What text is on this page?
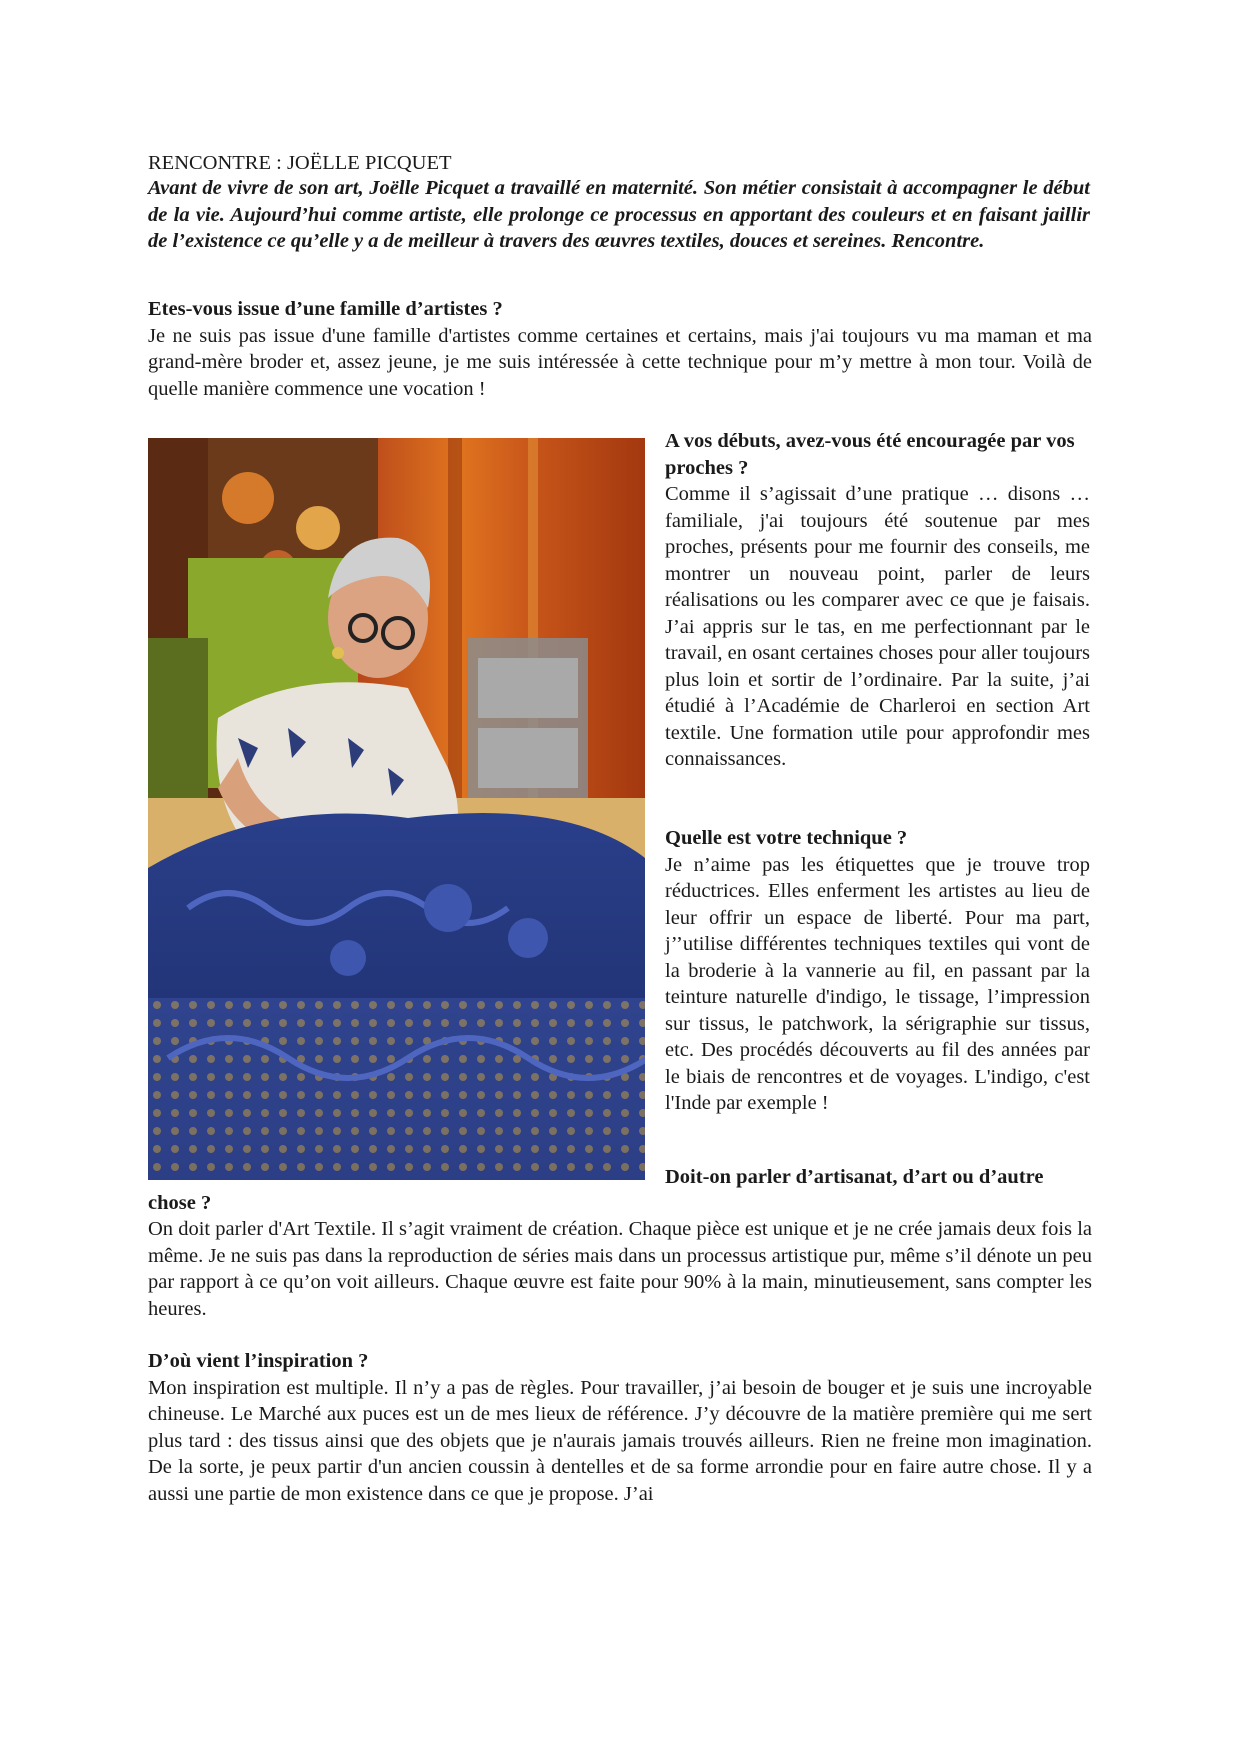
RENCONTRE : JOËLLE PICQUET

Avant de vivre de son art, Joëlle Picquet a travaillé en maternité. Son métier consistait à accompagner le début de la vie. Aujourd’hui comme artiste, elle prolonge ce processus en apportant des couleurs et en faisant jaillir de l’existence ce qu’elle y a de meilleur à travers des œuvres textiles, douces et sereines. Rencontre.

Etes-vous issue d’une famille d’artistes ?
Je ne suis pas issue d'une famille d'artistes comme certaines et certains, mais j'ai toujours vu ma maman et ma grand-mère broder et, assez jeune, je me suis intéressée à cette technique pour m’y mettre à mon tour. Voilà de quelle manière commence une vocation !
A vos débuts, avez-vous été encouragée par vos proches ?
Comme il s’agissait d’une pratique … disons … familiale, j'ai toujours été soutenue par mes proches, présents pour me fournir des conseils, me montrer un nouveau point, parler de leurs réalisations ou les comparer avec ce que je faisais. J’ai appris sur le tas, en me perfectionnant par le travail, en osant certaines choses pour aller toujours plus loin et sortir de l’ordinaire. Par la suite, j’ai étudié à l’Académie de Charleroi en section Art textile. Une formation utile pour approfondir mes connaissances.
Quelle est votre technique ?
Je n’aime pas les étiquettes que je trouve trop réductrices. Elles enferment les artistes au lieu de leur offrir un espace de liberté. Pour ma part, j’’utilise différentes techniques textiles qui vont de la broderie à la vannerie au fil, en passant par la teinture naturelle d'indigo, le tissage, l’impression sur tissus, le patchwork, la sérigraphie sur tissus, etc. Des procédés découverts au fil des années par le biais de rencontres et de voyages. L'indigo, c'est l'Inde par exemple !
Doit-on parler d’artisanat, d’art ou d’autre
chose ?
On doit parler d'Art Textile. Il s’agit vraiment de création. Chaque pièce est unique et je ne crée jamais deux fois la même. Je ne suis pas dans la reproduction de séries mais dans un processus artistique pur, même s’il dénote un peu par rapport à ce qu’on voit ailleurs. Chaque œuvre est faite pour 90% à la main, minutieusement, sans compter les heures.
D’où vient l’inspiration ?
Mon inspiration est multiple. Il n’y a pas de règles. Pour travailler, j’ai besoin de bouger et je suis une incroyable chineuse. Le Marché aux puces est un de mes lieux de référence. J’y découvre de la matière première qui me sert plus tard : des tissus ainsi que des objets que je n'aurais jamais trouvés ailleurs. Rien ne freine mon imagination. De la sorte, je peux partir d'un ancien coussin à dentelles et de sa forme arrondie pour en faire autre chose. Il y a aussi une partie de mon existence dans ce que je propose. J’ai
